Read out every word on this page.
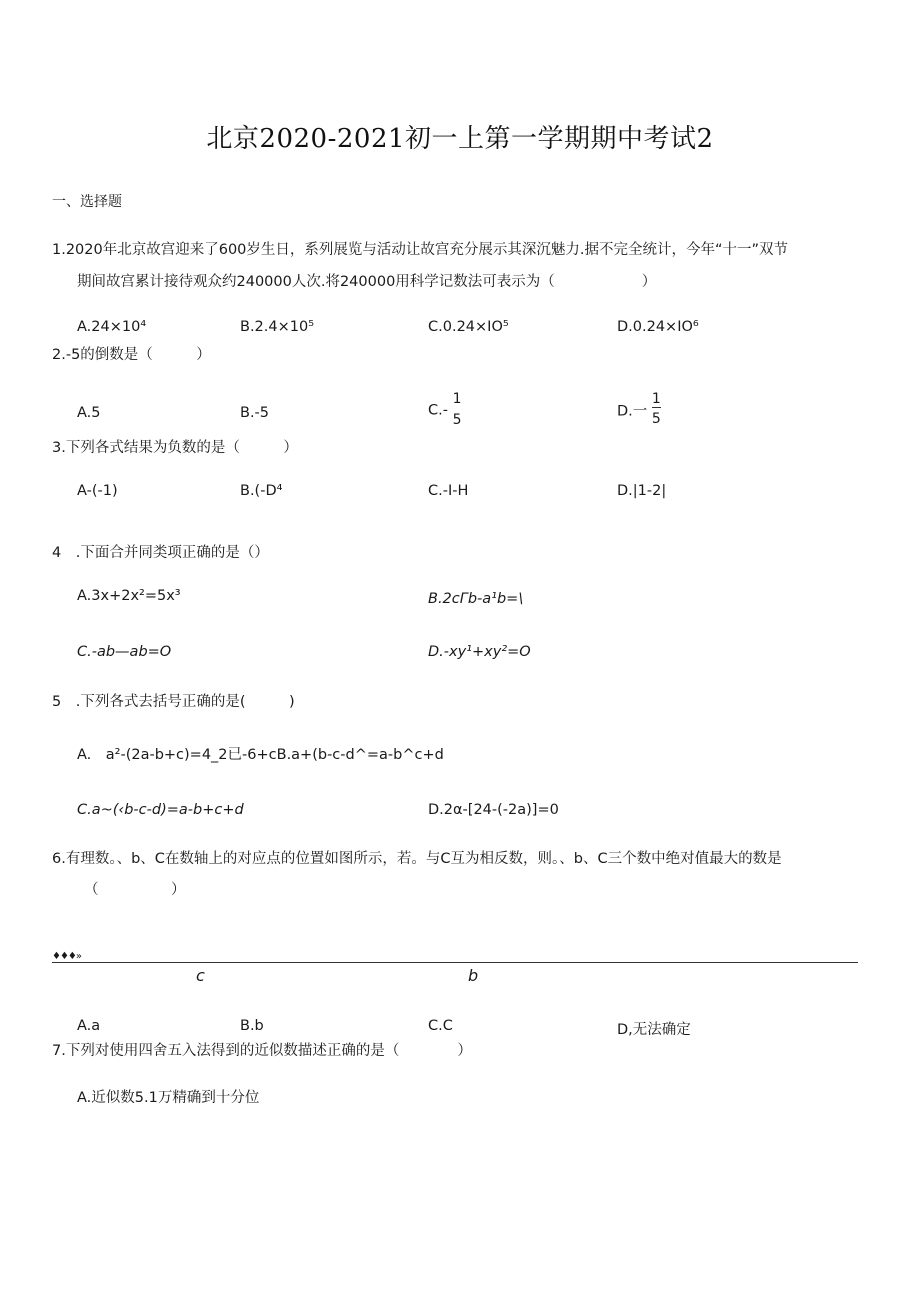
北京2020-2021初一上第一学期期中考试2
一、选择题
1.2020年北京故宫迎来了600岁生日，系列展览与活动让故宫充分展示其深沉魅力.据不完全统计，今年“十一”双节
期间故宫累计接待观众约240000人次.将240000用科学记数法可表示为（　　　　　　）
A.24×10⁴	B.2.4×10⁵	C.0.24×IO⁵	D.0.24×IO⁶
2.-5的倒数是（　　　）
A.5	B.-5	C.-
1
5
D.一 $\frac{1}{5}$
3.下列各式结果为负数的是（　　　）
A-(-1)	B.(-D⁴	C.-I-H	D.|1-2|
4　.下面合并同类项正确的是（）
A.3x+2x²=5x³	B.2cΓb-a¹b=\
C.-ab—ab=O	D.-xy¹+xy²=O
5　.下列各式去括号正确的是(　　　)
A.　a²-(2a-b+c)=4_2已-6+cB.a+(b-c-d^=a-b^c+d
C.a~(‹b-c-d)=a-b+c+d	D.2α-[24-(-2a)]=0
6.有理数。、b、C在数轴上的对应点的位置如图所示，若。与C互为相反数，则。、b、C三个数中绝对值最大的数是
（　　　　　）
♦♦♦»
c	b
A.a	B.b	C.C	D,无法确定
7.下列对使用四舍五入法得到的近似数描述正确的是（　　　　）
A.近似数5.1万精确到十分位
